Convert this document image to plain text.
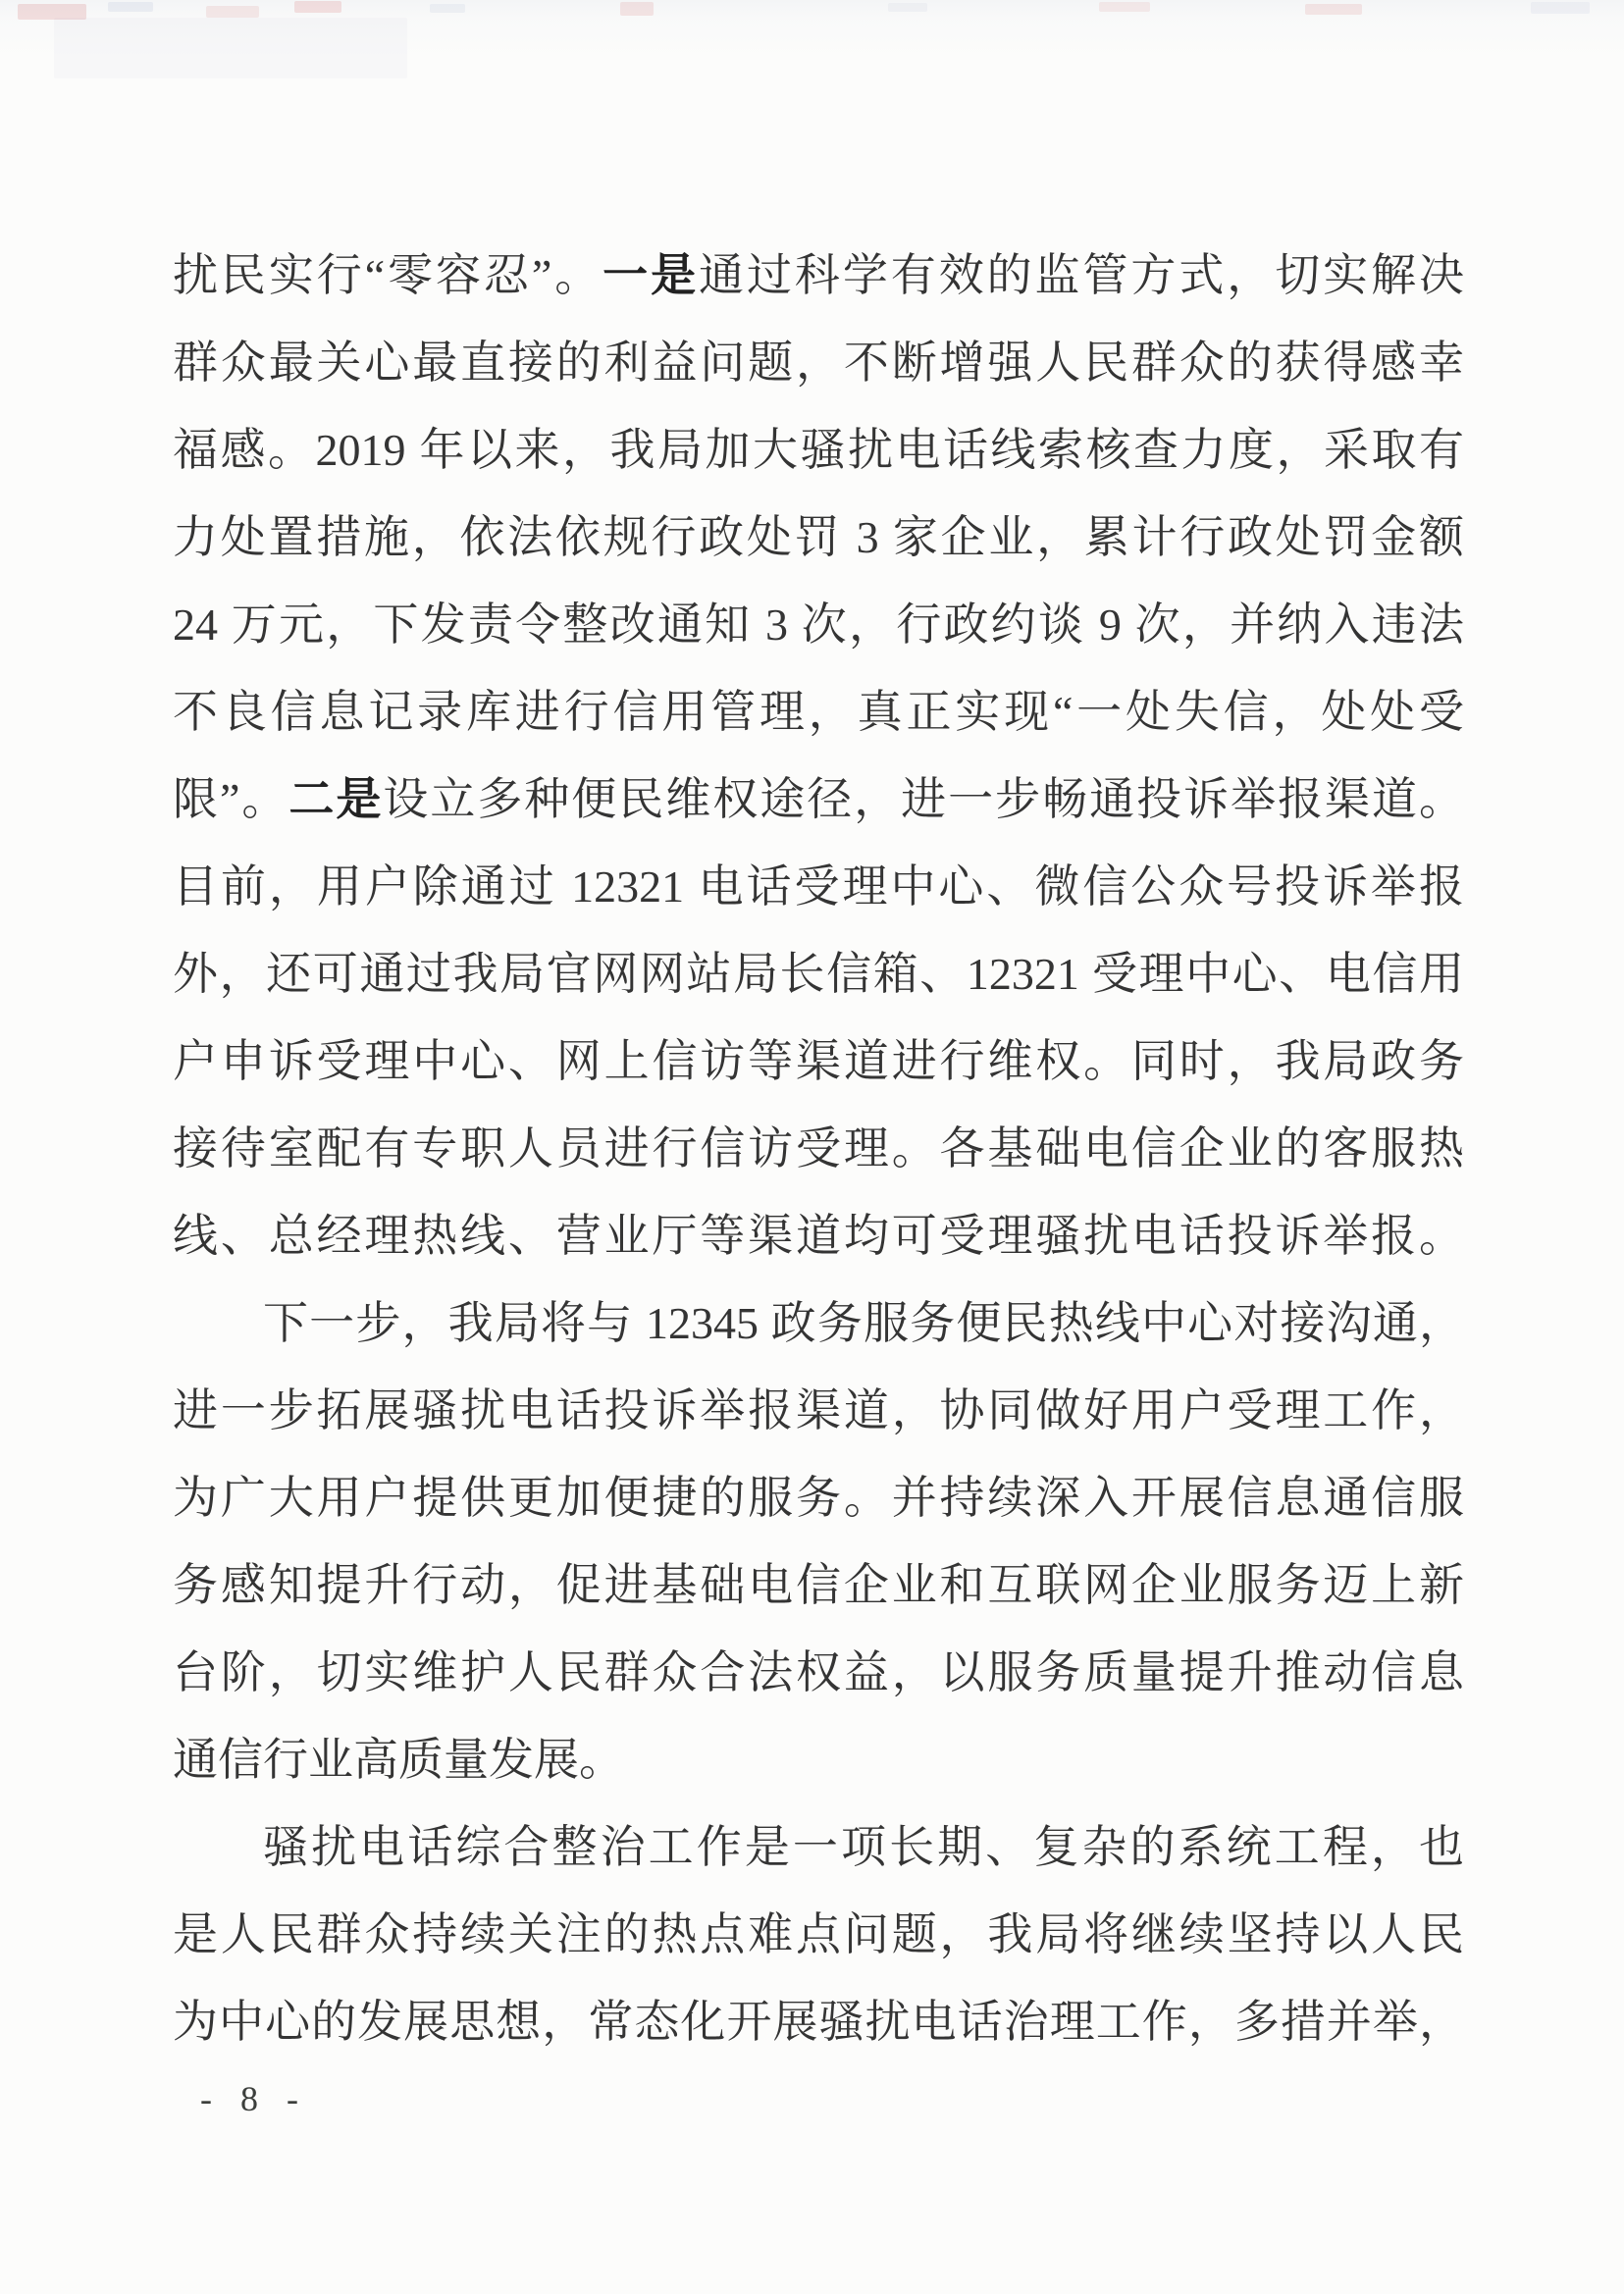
扰民实行“零容忍”。一是通过科学有效的监管方式，切实解决
群众最关心最直接的利益问题，不断增强人民群众的获得感幸
福感。2019 年以来，我局加大骚扰电话线索核查力度，采取有
力处置措施，依法依规行政处罚 3 家企业，累计行政处罚金额
24 万元，下发责令整改通知 3 次，行政约谈 9 次，并纳入违法
不良信息记录库进行信用管理，真正实现“一处失信，处处受
限”。二是设立多种便民维权途径，进一步畅通投诉举报渠道。
目前，用户除通过 12321 电话受理中心、微信公众号投诉举报
外，还可通过我局官网网站局长信箱、12321 受理中心、电信用
户申诉受理中心、网上信访等渠道进行维权。同时，我局政务
接待室配有专职人员进行信访受理。各基础电信企业的客服热
线、总经理热线、营业厅等渠道均可受理骚扰电话投诉举报。
下一步，我局将与 12345 政务服务便民热线中心对接沟通，
进一步拓展骚扰电话投诉举报渠道，协同做好用户受理工作，
为广大用户提供更加便捷的服务。并持续深入开展信息通信服
务感知提升行动，促进基础电信企业和互联网企业服务迈上新
台阶，切实维护人民群众合法权益，以服务质量提升推动信息
通信行业高质量发展。
骚扰电话综合整治工作是一项长期、复杂的系统工程，也
是人民群众持续关注的热点难点问题，我局将继续坚持以人民
为中心的发展思想，常态化开展骚扰电话治理工作，多措并举，
- 8 -
